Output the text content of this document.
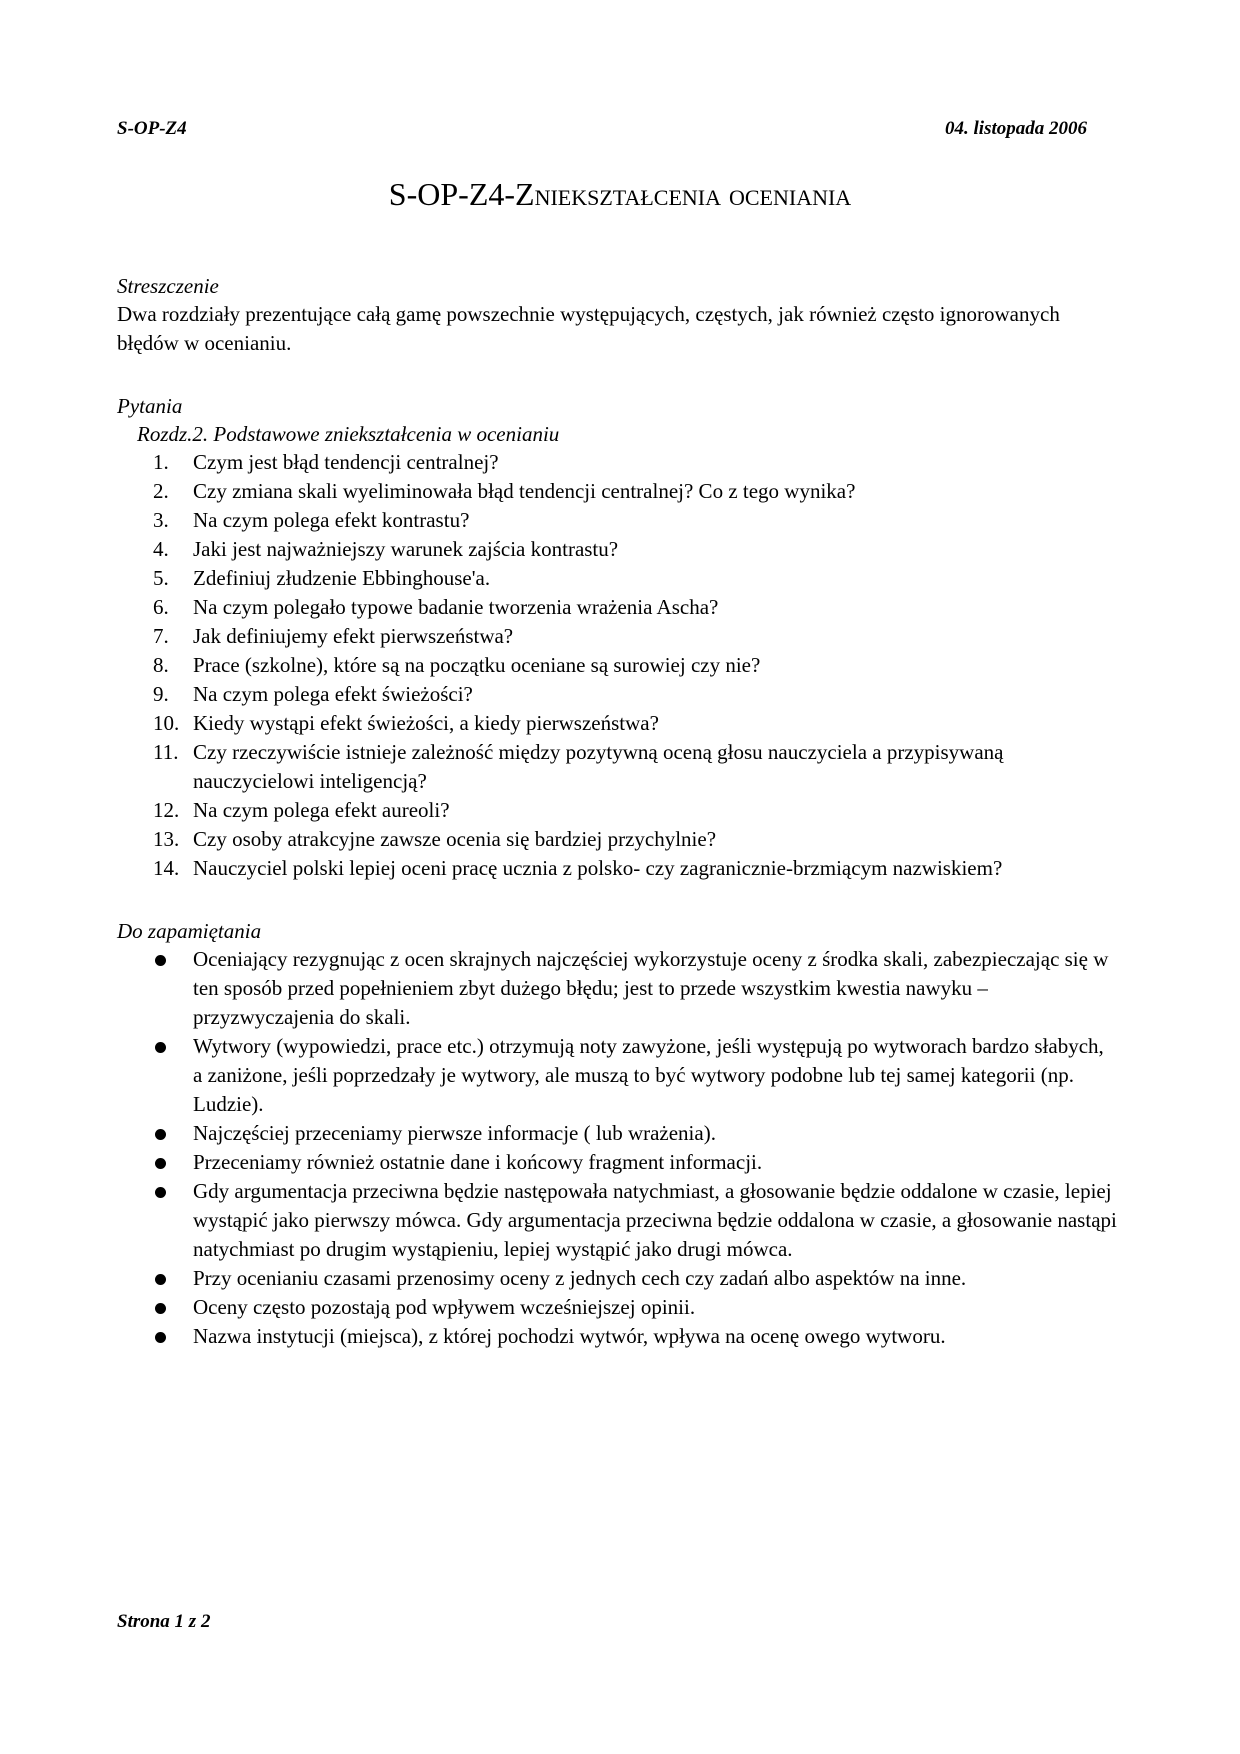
S-OP-Z4	04. listopada 2006
S-OP-Z4-Zniekształcenia oceniania
Streszczenie
Dwa rozdziały prezentujące całą gamę powszechnie występujących, częstych, jak również często ignorowanych błędów w ocenianiu.
Pytania
Rozdz.2. Podstawowe zniekształcenia w ocenianiu
1.	Czym jest błąd tendencji centralnej?
2.	Czy zmiana skali wyeliminowała błąd tendencji centralnej? Co z tego wynika?
3.	Na czym polega efekt kontrastu?
4.	Jaki jest najważniejszy warunek zajścia kontrastu?
5.	Zdefiniuj złudzenie Ebbinghouse'a.
6.	Na czym polegało typowe badanie tworzenia wrażenia Ascha?
7.	Jak definiujemy efekt pierwszeństwa?
8.	Prace (szkolne), które są na początku oceniane są surowiej czy nie?
9.	Na czym polega efekt świeżości?
10. Kiedy wystąpi efekt świeżości, a kiedy pierwszeństwa?
11. Czy rzeczywiście istnieje zależność między pozytywną oceną głosu nauczyciela a przypisywaną nauczycielowi inteligencją?
12. Na czym polega efekt aureoli?
13. Czy osoby atrakcyjne zawsze ocenia się bardziej przychylnie?
14. Nauczyciel polski lepiej oceni pracę ucznia z polsko- czy zagranicznie-brzmiącym nazwiskiem?
Do zapamiętania
Oceniający rezygnując z ocen skrajnych najczęściej wykorzystuje oceny z środka skali, zabezpieczając się w ten sposób przed popełnieniem zbyt dużego błędu; jest to przede wszystkim kwestia nawyku – przyzwyczajenia do skali.
Wytwory (wypowiedzi, prace etc.) otrzymują noty zawyżone, jeśli występują po wytworach bardzo słabych, a zaniżone, jeśli poprzedzały je wytwory, ale muszą to być wytwory podobne lub tej samej kategorii (np. Ludzie).
Najczęściej przeceniamy pierwsze informacje ( lub wrażenia).
Przeceniamy również ostatnie dane i końcowy fragment informacji.
Gdy argumentacja przeciwna będzie następowała natychmiast, a głosowanie będzie oddalone w czasie, lepiej wystąpić jako pierwszy mówca. Gdy argumentacja przeciwna będzie oddalona w czasie, a głosowanie nastąpi natychmiast po drugim wystąpieniu, lepiej wystąpić jako drugi mówca.
Przy ocenianiu czasami przenosimy oceny z jednych cech czy zadań albo aspektów na inne.
Oceny często pozostają pod wpływem wcześniejszej opinii.
Nazwa instytucji (miejsca), z której pochodzi wytwór, wpływa na ocenę owego wytworu.
Strona 1 z 2
